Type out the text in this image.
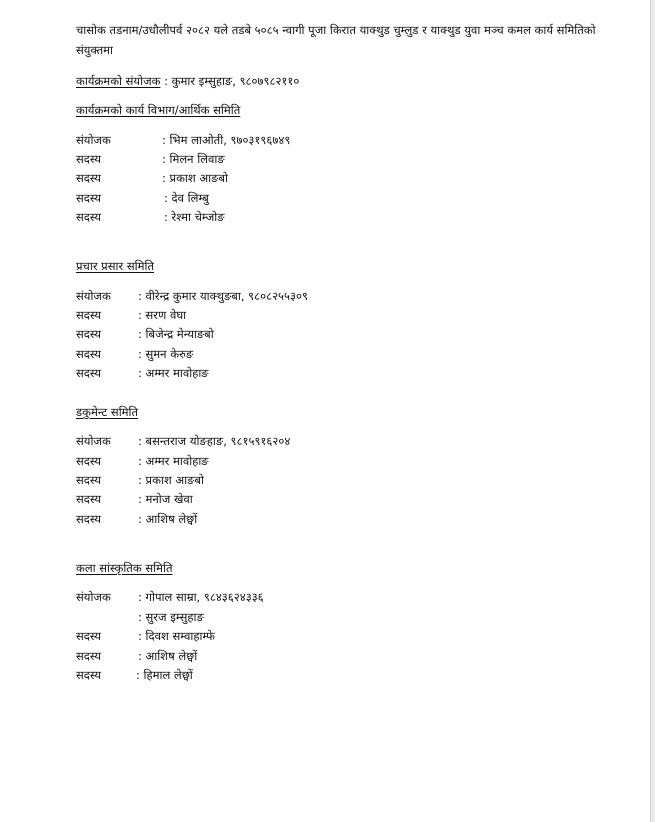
चासोक तडनाम/उधौलीपर्व २०८२ यले तडबे ५०८५ न्वागी पूजा किरात याक्थुड चुम्लुड र याक्थुड युवा मञ्च कमल कार्य समितिको संयुक्तमा
कार्यक्रमको संयोजक : कुमार इम्सुहाङ, ९८०७९८२११०
कार्यक्रमको कार्य विभाग/आर्थिक समिति
संयोजक	: भिम लाओती, ९७०३१९६७४९
सदस्य	: मिलन लिवाङ
सदस्य	: प्रकाश आङबो
सदस्य	: देव लिम्बु
सदस्य	: रेश्मा चेम्जोङ
प्रचार प्रसार समिति
संयोजक : वीरेन्द्र कुमार याक्थुङबा, ९८०८२५५३०९
सदस्य	: सरण वेघा
सदस्य	: बिजेन्द्र मेन्याङबो
सदस्य	: सुमन केरुङ
सदस्य	: अम्मर मावोहाङ
डकुमेन्ट समिति
संयोजक : बसन्तराज योङहाङ, ९८१५९१६२०४
सदस्य	: अम्मर मावोहाङ
सदस्य	: प्रकाश आङबो
सदस्य	: मनोज खेवा
सदस्य	: आशिष लेछ्वों
कला सांस्कृतिक समिति
संयोजक : गोपाल साम्रा, ९८४३६२४३३६
: सुरज इम्सुहाङ
सदस्य	: दिवश सम्वाहाम्फे
सदस्य	: आशिष लेछ्वों
सदस्य	: हिमाल लेछ्वों
